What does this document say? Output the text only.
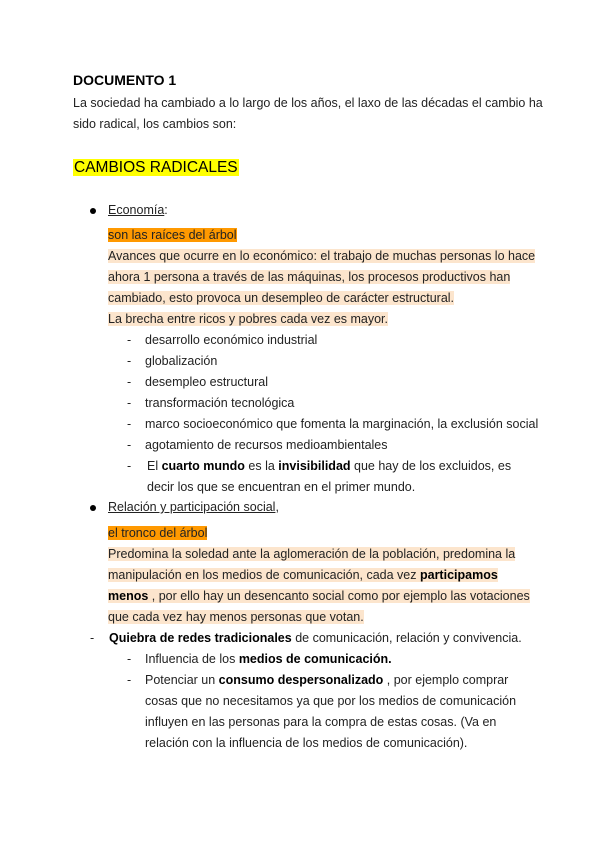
DOCUMENTO 1
La sociedad ha cambiado a lo largo de los años, el laxo de las décadas el cambio ha
sido radical, los cambios son:
CAMBIOS RADICALES
Economía:
son las raíces del árbol
Avances que ocurre en lo económico: el trabajo de muchas personas lo hace
ahora 1 persona a través de las máquinas, los procesos productivos han
cambiado, esto provoca un desempleo de carácter estructural.
La brecha entre ricos y pobres cada vez es mayor.
- desarrollo económico industrial
- globalización
- desempleo estructural
- transformación tecnológica
- marco socioeconómico que fomenta la marginación, la exclusión social
- agotamiento de recursos medioambientales
- El cuarto mundo es la invisibilidad que hay de los excluidos, es
decir los que se encuentran en el primer mundo.
Relación y participación social,
el tronco del árbol
Predomina la soledad ante la aglomeración de la población, predomina la
manipulación en los medios de comunicación, cada vez participamos
menos , por ello hay un desencanto social como por ejemplo las votaciones
que cada vez hay menos personas que votan.
- Quiebra de redes tradicionales de comunicación, relación y convivencia.
- Influencia de los medios de comunicación.
- Potenciar un consumo despersonalizado , por ejemplo comprar
cosas que no necesitamos ya que por los medios de comunicación
influyen en las personas para la compra de estas cosas. (Va en
relación con la influencia de los medios de comunicación).
